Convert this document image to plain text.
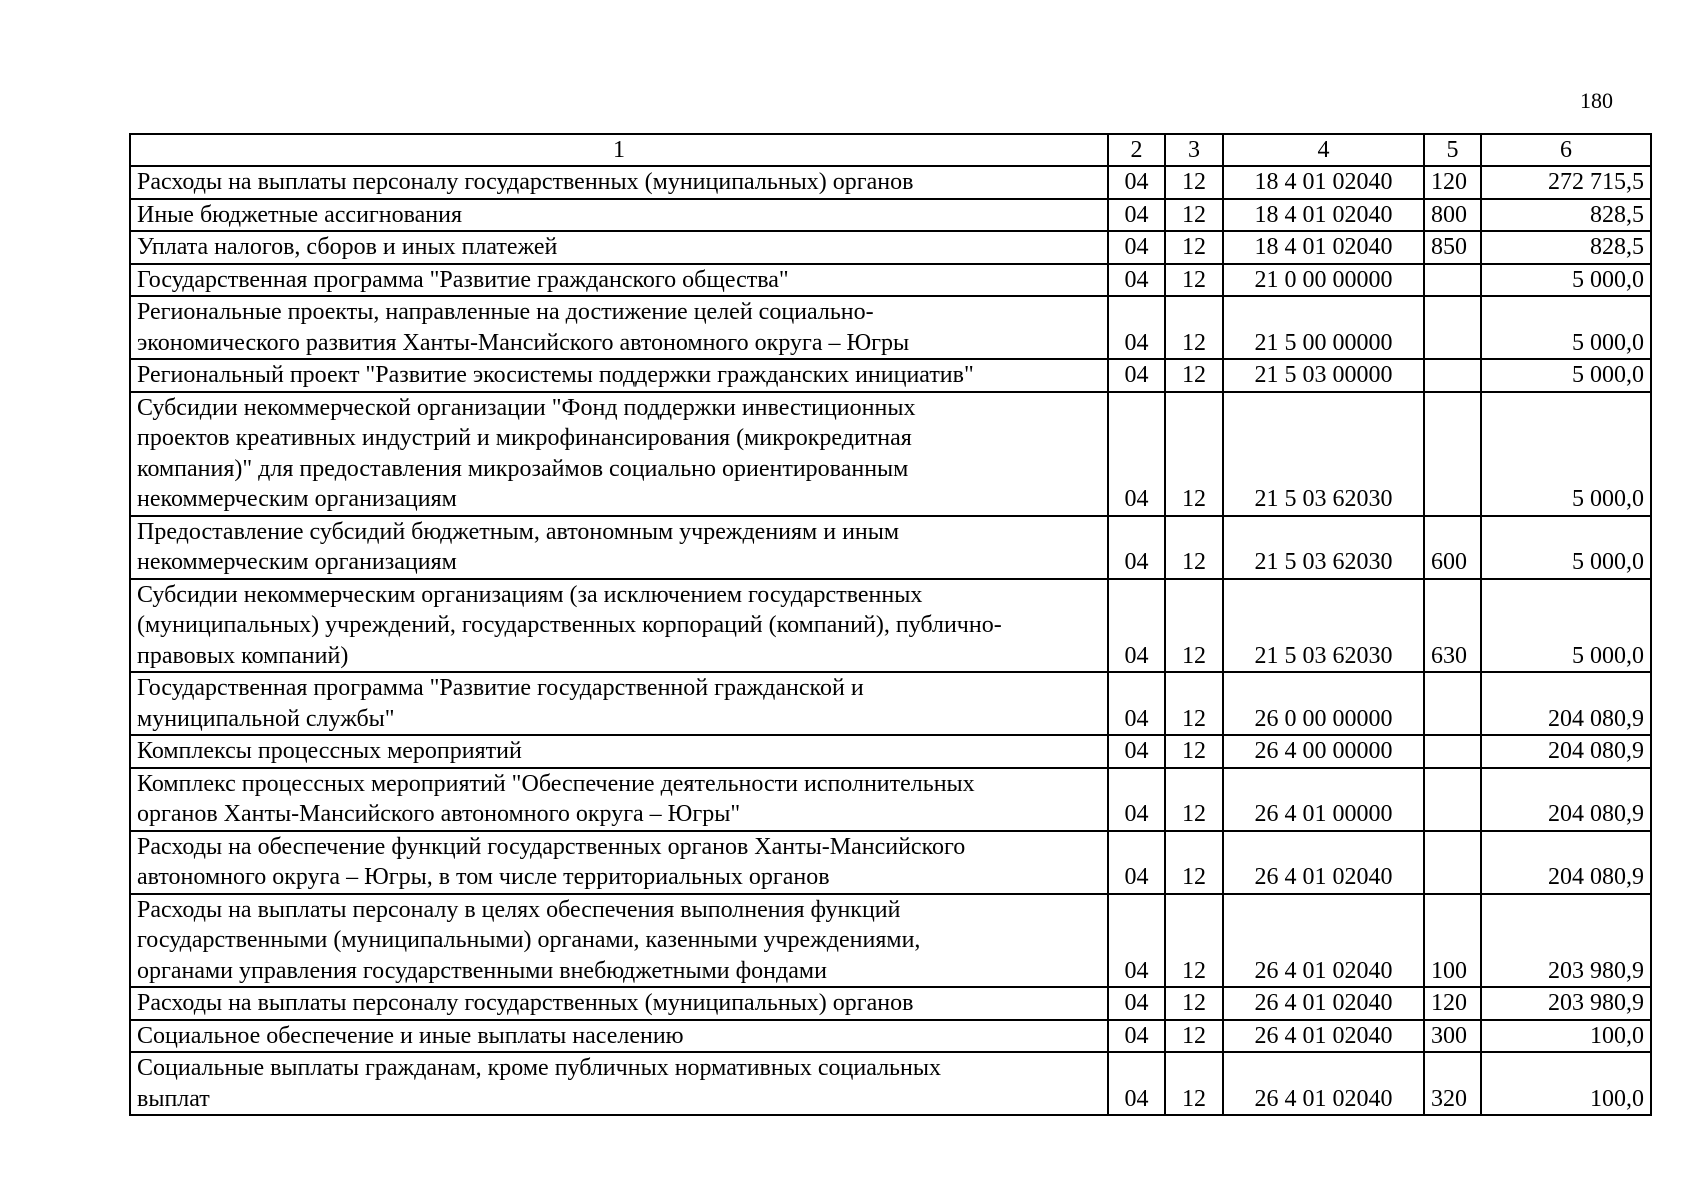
180
1	2	3	4	5	6

Расходы на выплаты персоналу государственных (муниципальных) органов	04	12	18 4 01 02040	120	272 715,5

Иные бюджетные ассигнования	04	12	18 4 01 02040	800	828,5

Уплата налогов, сборов и иных платежей	04	12	18 4 01 02040	850	828,5

Государственная программа "Развитие гражданского общества"	04	12	21 0 00 00000		5 000,0

Региональные проекты, направленные на достижение целей социально-
экономического развития Ханты-Мансийского автономного округа – Югры	04	12	21 5 00 00000		5 000,0

Региональный проект "Развитие экосистемы поддержки гражданских инициатив"	04	12	21 5 03 00000		5 000,0

Субсидии некоммерческой организации "Фонд поддержки инвестиционных
проектов креативных индустрий и микрофинансирования (микрокредитная
компания)" для предоставления микрозаймов социально ориентированным
некоммерческим организациям	04	12	21 5 03 62030		5 000,0

Предоставление субсидий бюджетным, автономным учреждениям и иным
некоммерческим организациям	04	12	21 5 03 62030	600	5 000,0

Субсидии некоммерческим организациям (за исключением государственных
(муниципальных) учреждений, государственных корпораций (компаний), публично-
правовых компаний)	04	12	21 5 03 62030	630	5 000,0

Государственная программа "Развитие государственной гражданской и
муниципальной службы"	04	12	26 0 00 00000		204 080,9

Комплексы процессных мероприятий	04	12	26 4 00 00000		204 080,9

Комплекс процессных мероприятий "Обеспечение деятельности исполнительных
органов Ханты-Мансийского автономного округа – Югры"	04	12	26 4 01 00000		204 080,9

Расходы на обеспечение функций государственных органов Ханты-Мансийского
автономного округа – Югры, в том числе территориальных органов	04	12	26 4 01 02040		204 080,9

Расходы на выплаты персоналу в целях обеспечения выполнения функций
государственными (муниципальными) органами, казенными учреждениями,
органами управления государственными внебюджетными фондами	04	12	26 4 01 02040	100	203 980,9

Расходы на выплаты персоналу государственных (муниципальных) органов	04	12	26 4 01 02040	120	203 980,9

Социальное обеспечение и иные выплаты населению	04	12	26 4 01 02040	300	100,0

Социальные выплаты гражданам, кроме публичных нормативных социальных
выплат	04	12	26 4 01 02040	320	100,0
